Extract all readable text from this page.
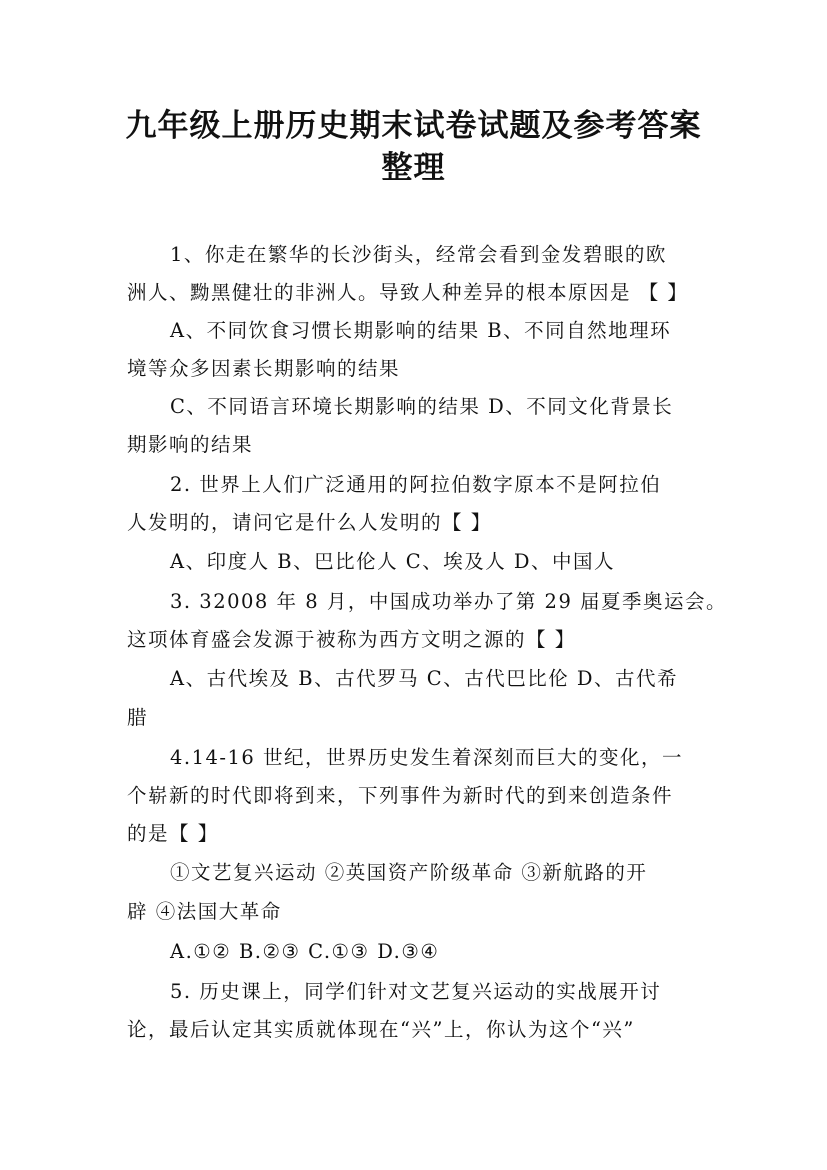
九年级上册历史期末试卷试题及参考答案
整理
1、你走在繁华的长沙街头，经常会看到金发碧眼的欧
洲人、黝黑健壮的非洲人。导致人种差异的根本原因是 【 】
A、不同饮食习惯长期影响的结果 B、不同自然地理环
境等众多因素长期影响的结果
C、不同语言环境长期影响的结果 D、不同文化背景长
期影响的结果
2. 世界上人们广泛通用的阿拉伯数字原本不是阿拉伯
人发明的，请问它是什么人发明的【 】
A、印度人 B、巴比伦人 C、埃及人 D、中国人
3. 32008 年 8 月，中国成功举办了第 29 届夏季奥运会。
这项体育盛会发源于被称为西方文明之源的【 】
A、古代埃及 B、古代罗马 C、古代巴比伦 D、古代希
腊
4.14-16 世纪，世界历史发生着深刻而巨大的变化，一
个崭新的时代即将到来，下列事件为新时代的到来创造条件
的是【 】
①文艺复兴运动 ②英国资产阶级革命 ③新航路的开
辟 ④法国大革命
A.①② B.②③ C.①③ D.③④
5. 历史课上，同学们针对文艺复兴运动的实战展开讨
论，最后认定其实质就体现在“兴”上，你认为这个“兴”
